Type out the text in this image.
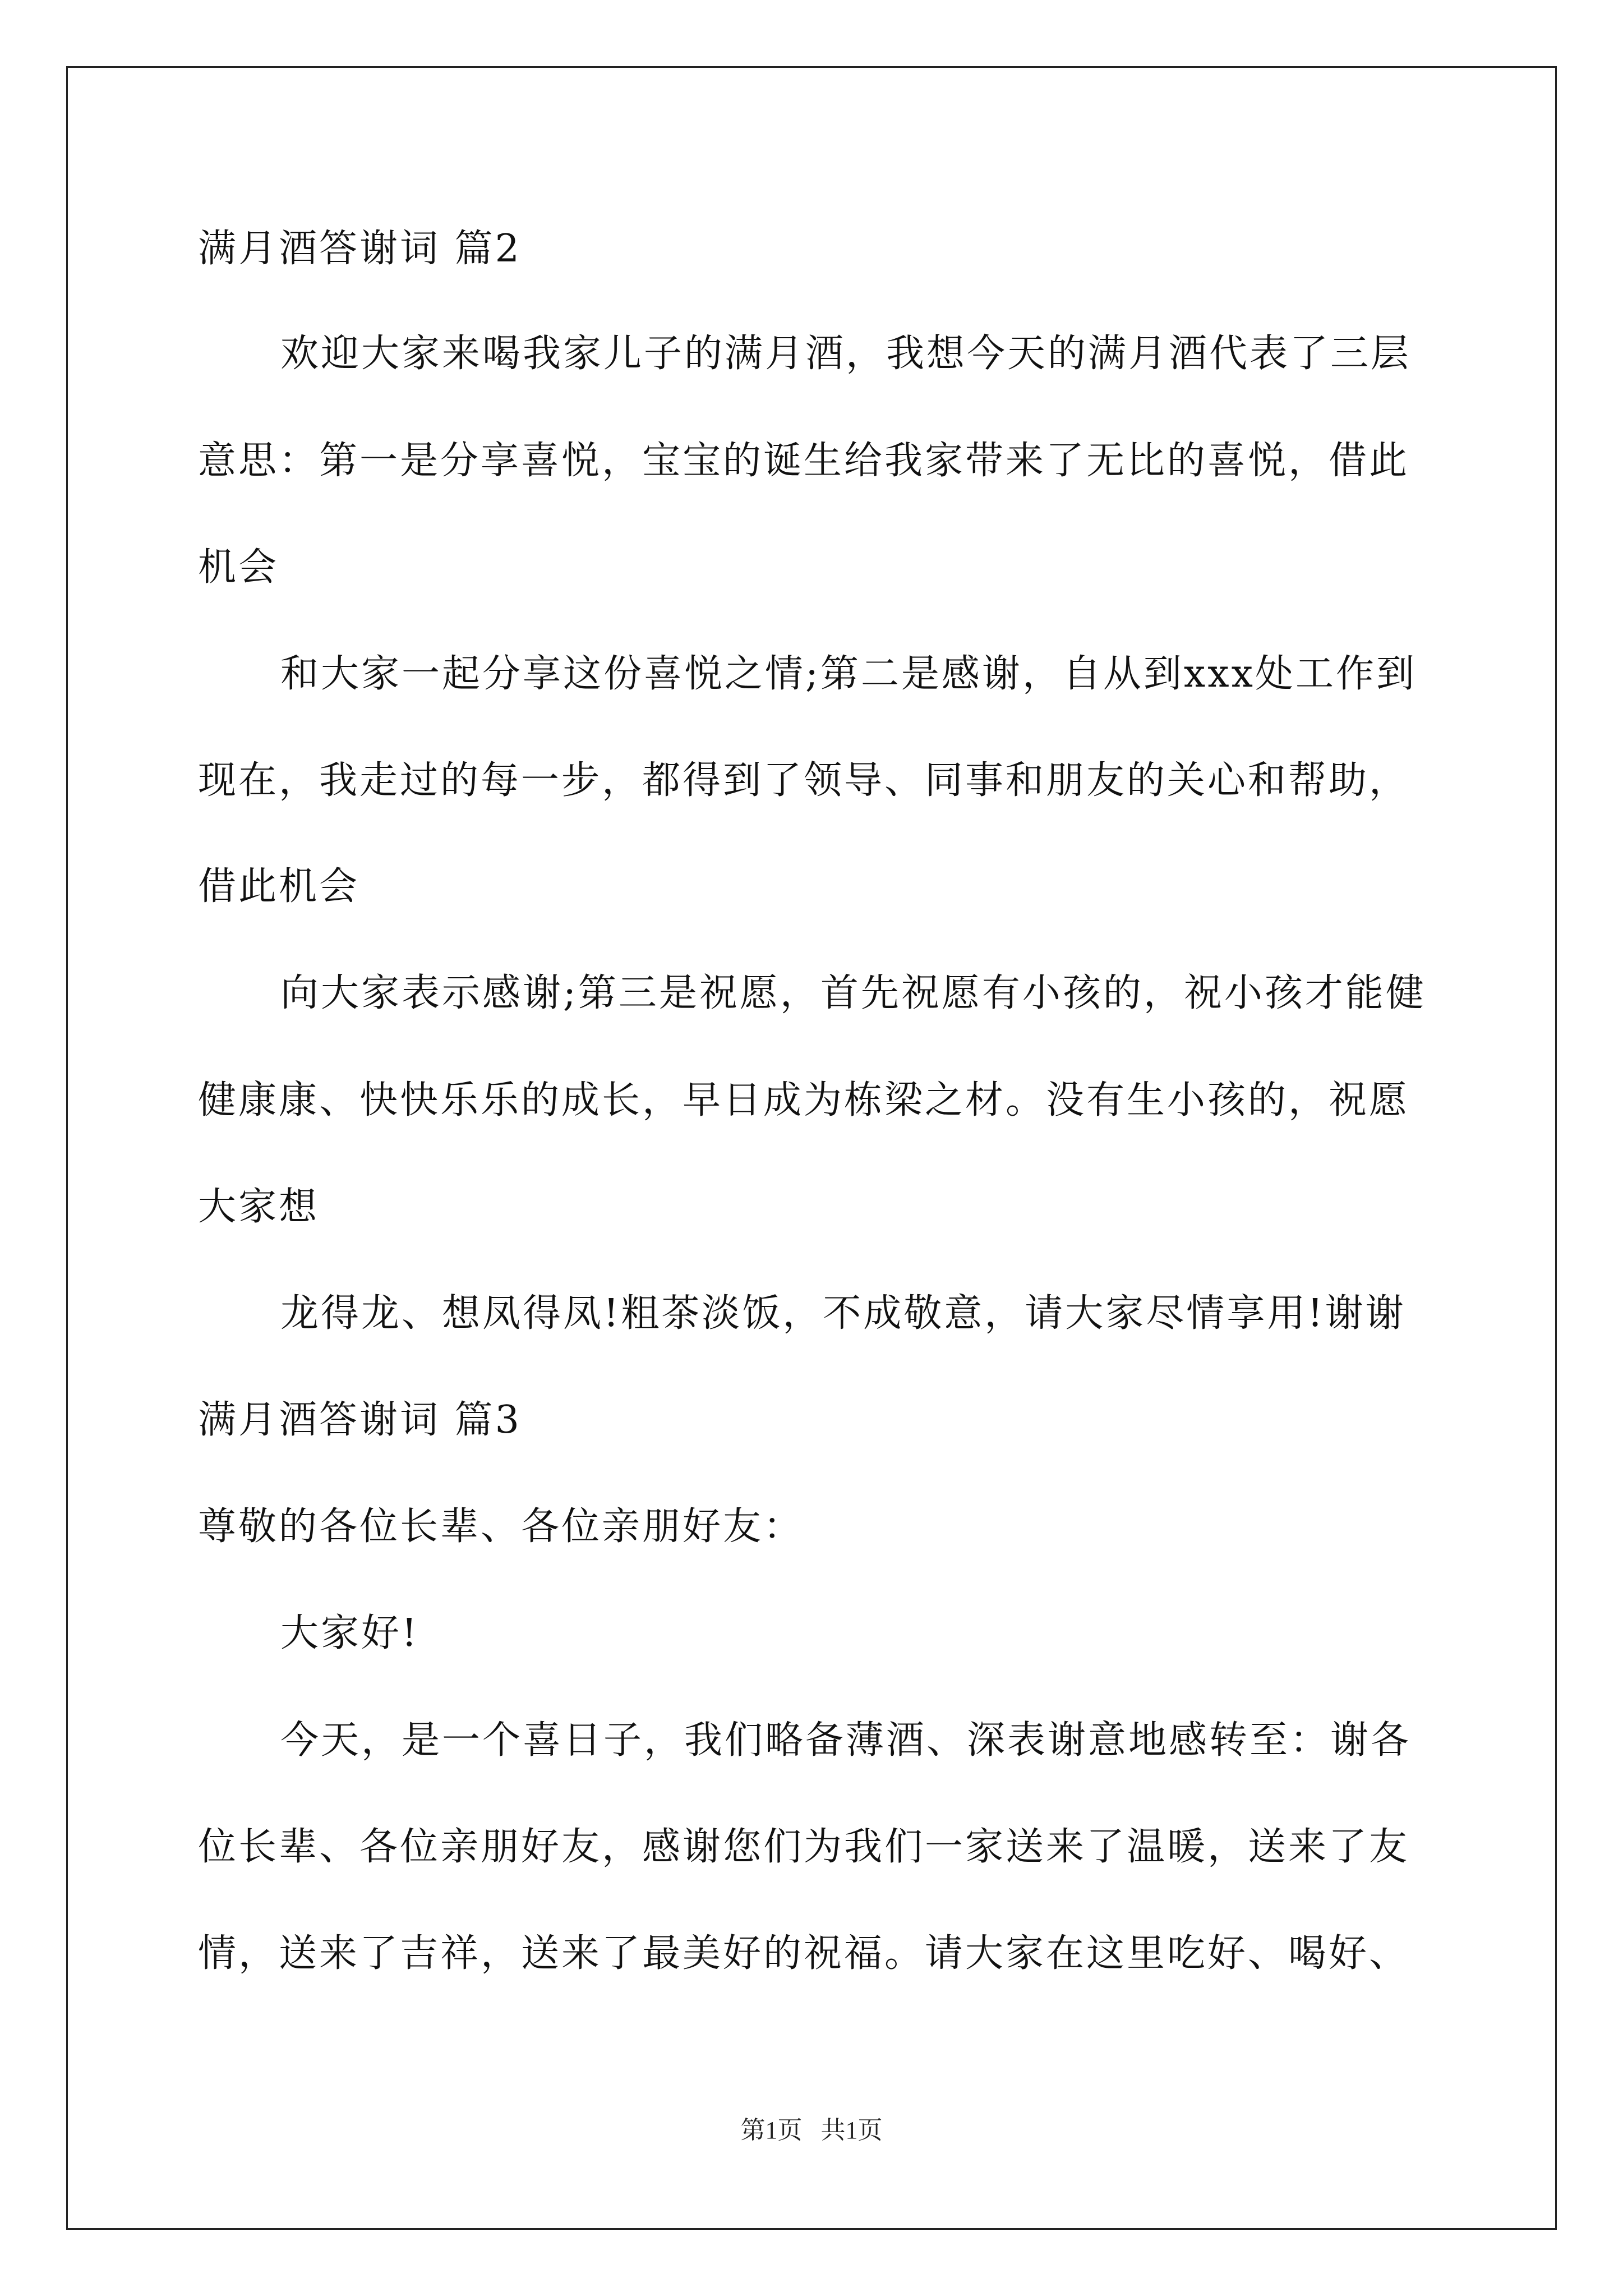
满月酒答谢词 篇2
欢迎大家来喝我家儿子的满月酒，我想今天的满月酒代表了三层
意思：第一是分享喜悦，宝宝的诞生给我家带来了无比的喜悦，借此
机会
和大家一起分享这份喜悦之情;第二是感谢，自从到xxx处工作到
现在，我走过的每一步，都得到了领导、同事和朋友的关心和帮助，
借此机会
向大家表示感谢;第三是祝愿，首先祝愿有小孩的，祝小孩才能健
健康康、快快乐乐的成长，早日成为栋梁之材。没有生小孩的，祝愿
大家想
龙得龙、想凤得凤!粗茶淡饭，不成敬意，请大家尽情享用!谢谢
满月酒答谢词 篇3
尊敬的各位长辈、各位亲朋好友：
大家好!
今天，是一个喜日子，我们略备薄酒、深表谢意地感转至：谢各
位长辈、各位亲朋好友，感谢您们为我们一家送来了温暖，送来了友
情，送来了吉祥，送来了最美好的祝福。请大家在这里吃好、喝好、
第1页   共1页
